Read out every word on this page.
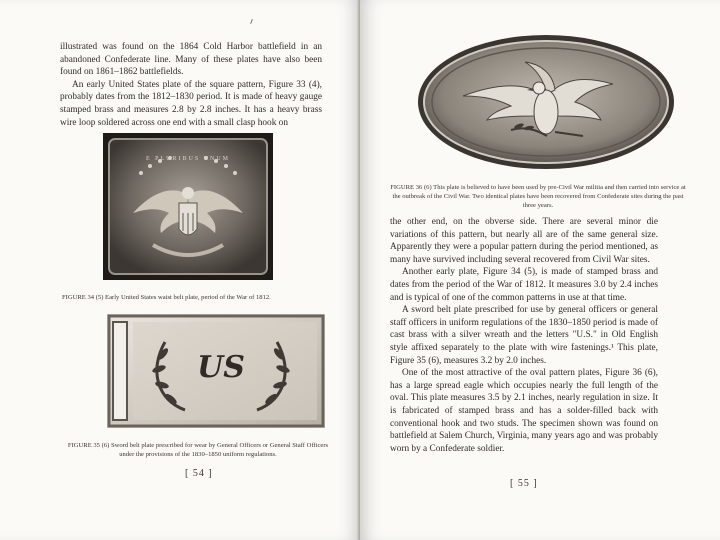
illustrated was found on the 1864 Cold Harbor battlefield in an abandoned Confederate line. Many of these plates have also been found on 1861–1862 battlefields.

An early United States plate of the square pattern, Figure 33 (4), probably dates from the 1812–1830 period. It is made of heavy gauge stamped brass and measures 2.8 by 2.8 inches. It has a heavy brass wire loop soldered across one end with a small clasp hook on

E PLURIBUS UNUM
FIGURE 34 (5) Early United States waist belt plate, period of the War of 1812.
US
FIGURE 35 (6) Sword belt plate prescribed for wear by General Officers or General Staff Officers under the provisions of the 1830–1850 uniform regulations.
[ 54 ]
FIGURE 36 (6) This plate is believed to have been used by pre-Civil War militia and then carried into service at the outbreak of the Civil War. Two identical plates have been recovered from Confederate sites during the past three years.

the other end, on the obverse side. There are several minor die variations of this pattern, but nearly all are of the same general size. Apparently they were a popular pattern during the period mentioned, as many have survived including several recovered from Civil War sites.

Another early plate, Figure 34 (5), is made of stamped brass and dates from the period of the War of 1812. It measures 3.0 by 2.4 inches and is typical of one of the common patterns in use at that time.

A sword belt plate prescribed for use by general officers or general staff officers in uniform regulations of the 1830–1850 period is made of cast brass with a silver wreath and the letters "U.S." in Old English style affixed separately to the plate with wire fastenings.¹ This plate, Figure 35 (6), measures 3.2 by 2.0 inches.

One of the most attractive of the oval pattern plates, Figure 36 (6), has a large spread eagle which occupies nearly the full length of the oval. This plate measures 3.5 by 2.1 inches, nearly regulation in size. It is fabricated of stamped brass and has a solder-filled back with conventional hook and two studs. The specimen shown was found on battlefield at Salem Church, Virginia, many years ago and was probably worn by a Confederate soldier.

[ 55 ]
